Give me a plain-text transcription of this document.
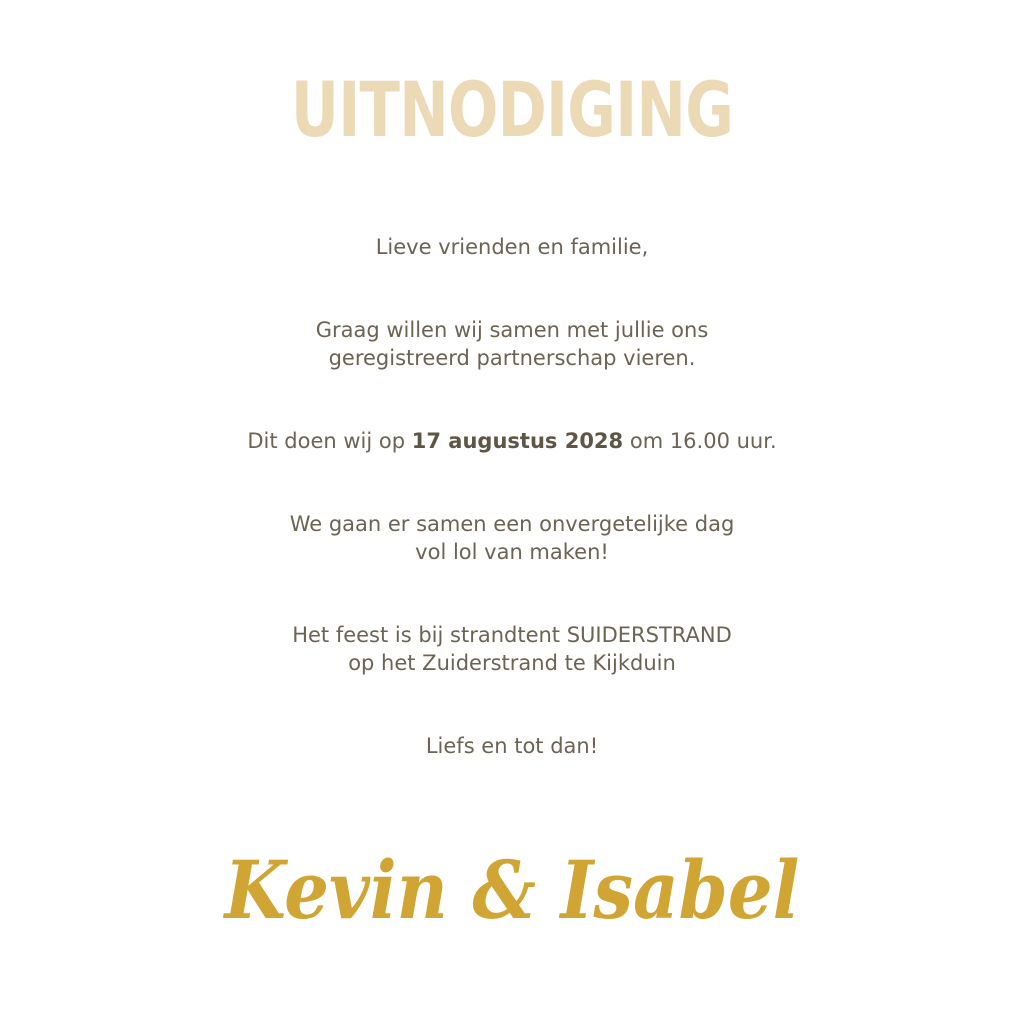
UITNODIGING
Lieve vrienden en familie,
Graag willen wij samen met jullie ons
geregistreerd partnerschap vieren.
Dit doen wij op 17 augustus 2028 om 16.00 uur.
We gaan er samen een onvergetelijke dag
vol lol van maken!
Het feest is bij strandtent SUIDERSTRAND
op het Zuiderstrand te Kijkduin
Liefs en tot dan!
Kevin & Isabel
